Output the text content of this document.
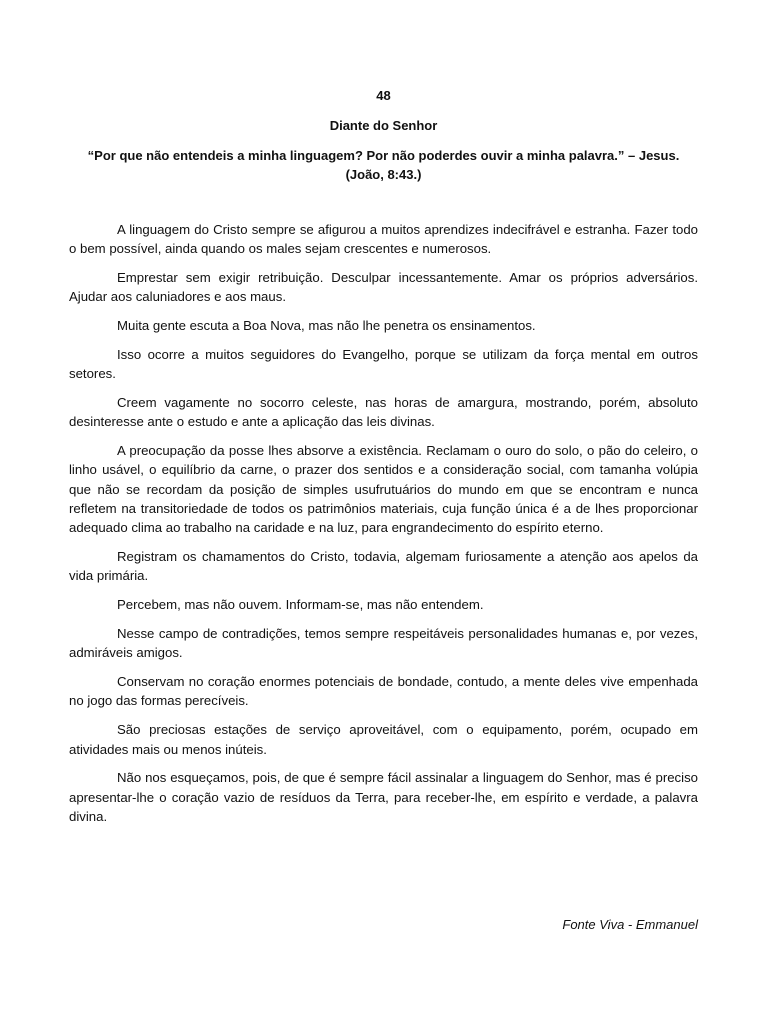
48
Diante do Senhor
“Por que não entendeis a minha linguagem? Por não poderdes ouvir a minha palavra.” – Jesus. (João, 8:43.)

A linguagem do Cristo sempre se afigurou a muitos aprendizes indecifrável e estranha. Fazer todo o bem possível, ainda quando os males sejam crescentes e numerosos.

Emprestar sem exigir retribuição. Desculpar incessantemente. Amar os próprios adversários. Ajudar aos caluniadores e aos maus.

Muita gente escuta a Boa Nova, mas não lhe penetra os ensinamentos.

Isso ocorre a muitos seguidores do Evangelho, porque se utilizam da força mental em outros setores.

Creem vagamente no socorro celeste, nas horas de amargura, mostrando, porém, absoluto desinteresse ante o estudo e ante a aplicação das leis divinas.

A preocupação da posse lhes absorve a existência. Reclamam o ouro do solo, o pão do celeiro, o linho usável, o equilíbrio da carne, o prazer dos sentidos e a consideração social, com tamanha volúpia que não se recordam da posição de simples usufrutuários do mundo em que se encontram e nunca refletem na transitoriedade de todos os patrimônios materiais, cuja função única é a de lhes proporcionar adequado clima ao trabalho na caridade e na luz, para engrandecimento do espírito eterno.

Registram os chamamentos do Cristo, todavia, algemam furiosamente a atenção aos apelos da vida primária.

Percebem, mas não ouvem. Informam-se, mas não entendem.

Nesse campo de contradições, temos sempre respeitáveis personalidades humanas e, por vezes, admiráveis amigos.

Conservam no coração enormes potenciais de bondade, contudo, a mente deles vive empenhada no jogo das formas perecíveis.

São preciosas estações de serviço aproveitável, com o equipamento, porém, ocupado em atividades mais ou menos inúteis.

Não nos esqueçamos, pois, de que é sempre fácil assinalar a linguagem do Senhor, mas é preciso apresentar-lhe o coração vazio de resíduos da Terra, para receber-lhe, em espírito e verdade, a palavra divina.

Fonte Viva - Emmanuel
